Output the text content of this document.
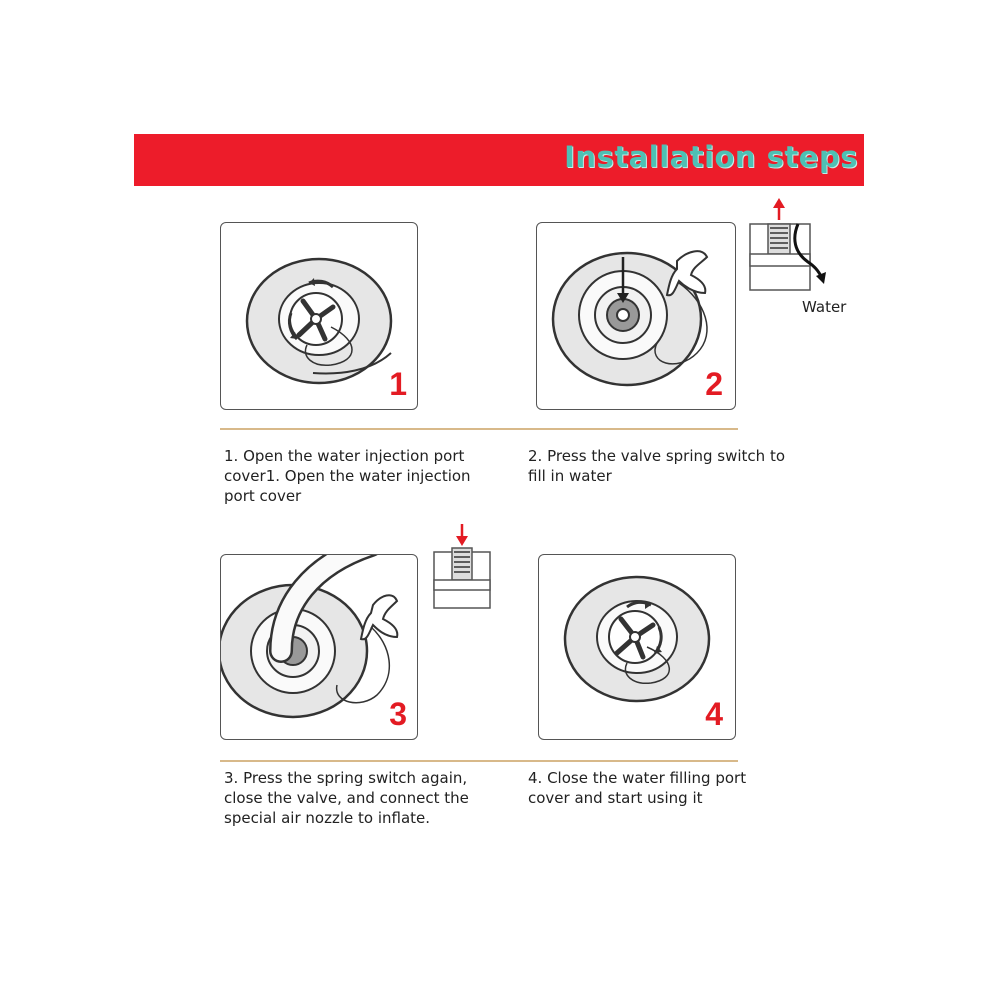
Installation steps
1	2
Water
1. Open the water injection port cover1. Open the water injection port cover
2. Press the valve spring switch to fill in water
3	4
3. Press the spring switch again, close the valve, and connect the special air nozzle to inflate.
4. Close the water filling port cover and start using it
